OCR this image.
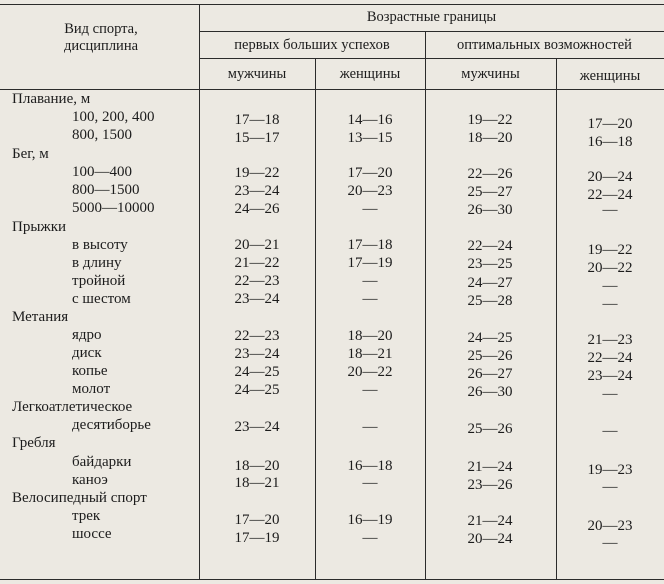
Вид спорта, дисциплина
Возрастные границы
первых больших успехов	оптимальных возможностей
мужчины	женщины	мужчины	женщины
Плавание, м
100, 200, 400	17—18	14—16	19—22	17—20
800, 1500	15—17	13—15	18—20	16—18
Бег, м
100—400	19—22	17—20	22—26	20—24
800—1500	23—24	20—23	25—27	22—24
5000—10000	24—26	—	26—30	—
Прыжки
в высоту	20—21	17—18	22—24	19—22
в длину	21—22	17—19	23—25	20—22
тройной	22—23	—	24—27	—
с шестом	23—24	—	25—28	—
Метания
ядро	22—23	18—20	24—25	21—23
диск	23—24	18—21	25—26	22—24
копье	24—25	20—22	26—27	23—24
молот	24—25	—	26—30	—
Легкоатлетическое
десятиборье	23—24	—	25—26	—
Гребля
байдарки	18—20	16—18	21—24	19—23
каноэ	18—21	—	23—26	—
Велосипедный спорт
трек	17—20	16—19	21—24	20—23
шоссе	17—19	—	20—24	—
